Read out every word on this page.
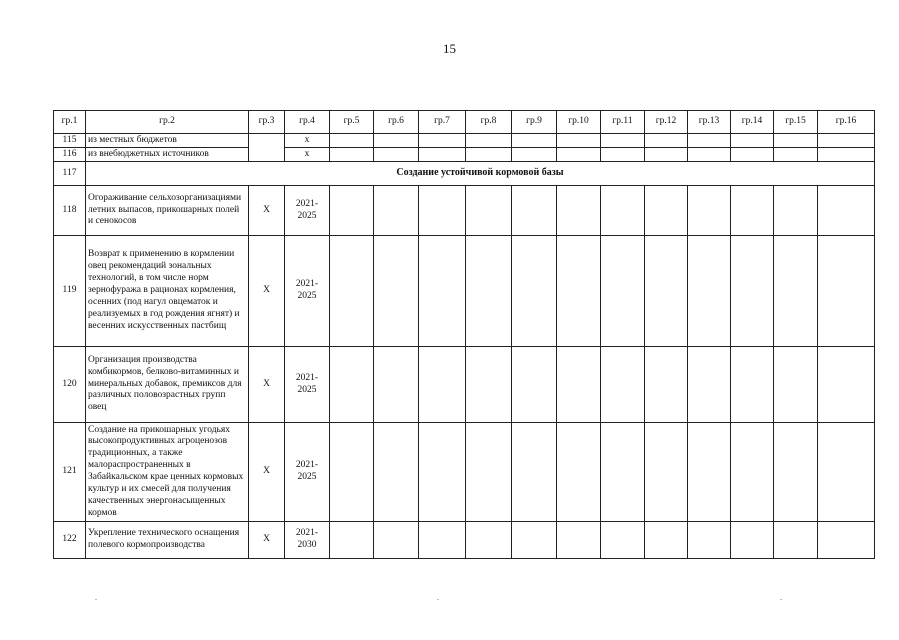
15
гр.1	гр.2	гр.3	гр.4	гр.5	гр.6	гр.7	гр.8	гр.9	гр.10	гр.11	гр.12	гр.13	гр.14	гр.15	гр.16
115	из местных бюджетов		х												
116	из внебюджетных источников		х												
117	Создание устойчивой кормовой базы														
118	Огораживание сельхозорганизациями летних выпасов, прикошарных полей и сенокосов	Х	2021-
2025												
119	Возврат к применению в кормлении овец рекомендаций зональных технологий, в том числе норм зернофуража в рационах кормления, осенних (под нагул овцематок и реализуемых в год рождения ягнят) и весенних искусственных пастбищ	Х	2021-
2025												
120	Организация производства комбикормов, белково-витаминных и минеральных добавок, премиксов для различных половозрастных групп овец	Х	2021-
2025												
121	Создание на прикошарных угодьях высокопродуктивных агроценозов традиционных, а также малораспространенных в Забайкальском крае ценных кормовых культур и их смесей для получения качественных энергонасыщенных кормов	Х	2021-
2025												
122	Укрепление технического оснащения полевого кормопроизводства	Х	2021-
2030												
